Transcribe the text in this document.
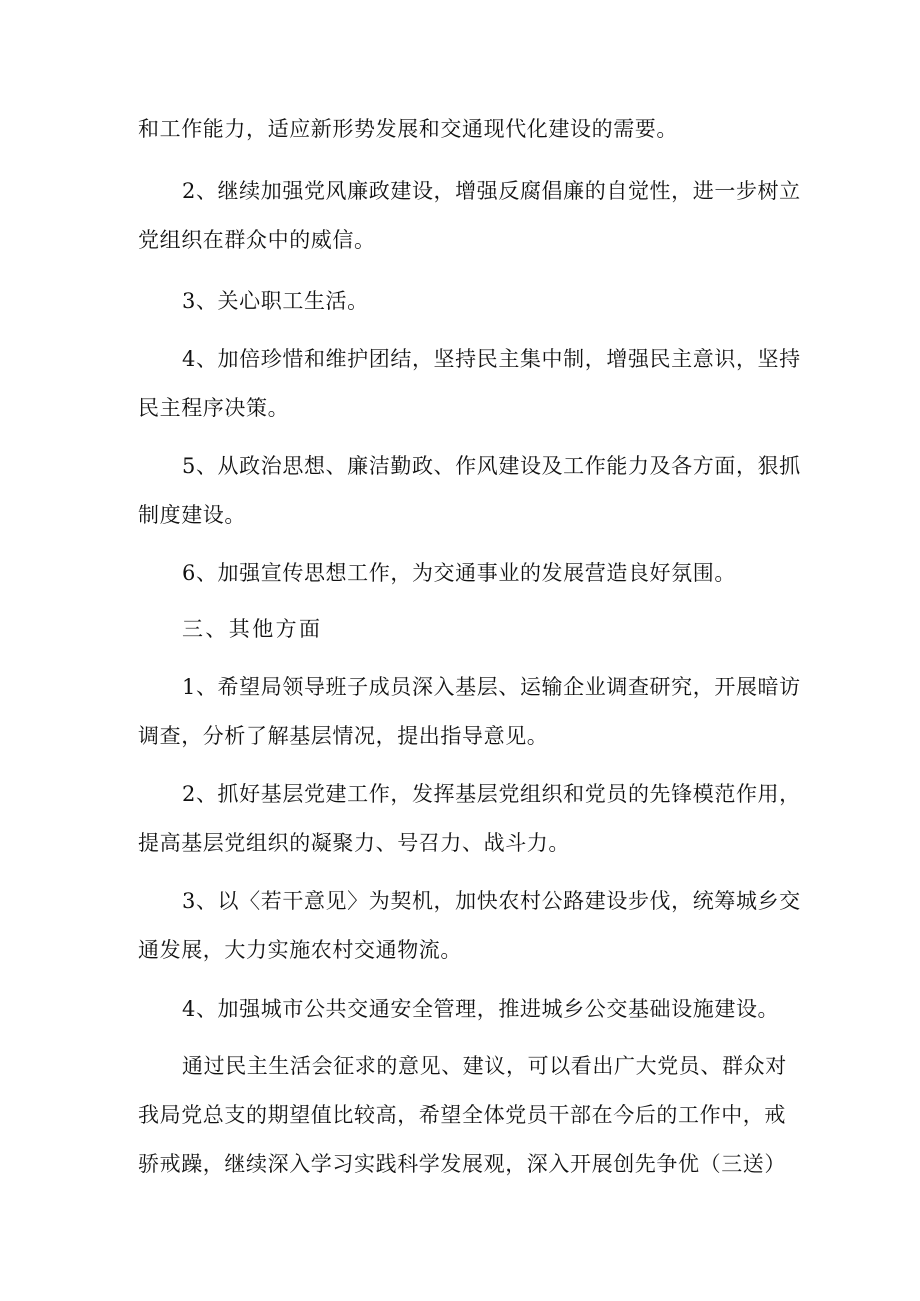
和工作能力，适应新形势发展和交通现代化建设的需要。
2、继续加强党风廉政建设，增强反腐倡廉的自觉性，进一步树立
党组织在群众中的威信。
3、关心职工生活。
4、加倍珍惜和维护团结，坚持民主集中制，增强民主意识，坚持
民主程序决策。
5、从政治思想、廉洁勤政、作风建设及工作能力及各方面，狠抓
制度建设。
6、加强宣传思想工作，为交通事业的发展营造良好氛围。
三、其他方面
1、希望局领导班子成员深入基层、运输企业调查研究，开展暗访
调查，分析了解基层情况，提出指导意见。
2、抓好基层党建工作，发挥基层党组织和党员的先锋模范作用，
提高基层党组织的凝聚力、号召力、战斗力。
3、以〈若干意见〉为契机，加快农村公路建设步伐，统筹城乡交
通发展，大力实施农村交通物流。
4、加强城市公共交通安全管理，推进城乡公交基础设施建设。
通过民主生活会征求的意见、建议，可以看出广大党员、群众对
我局党总支的期望值比较高，希望全体党员干部在今后的工作中，戒
骄戒躁，继续深入学习实践科学发展观，深入开展创先争优（三送）
